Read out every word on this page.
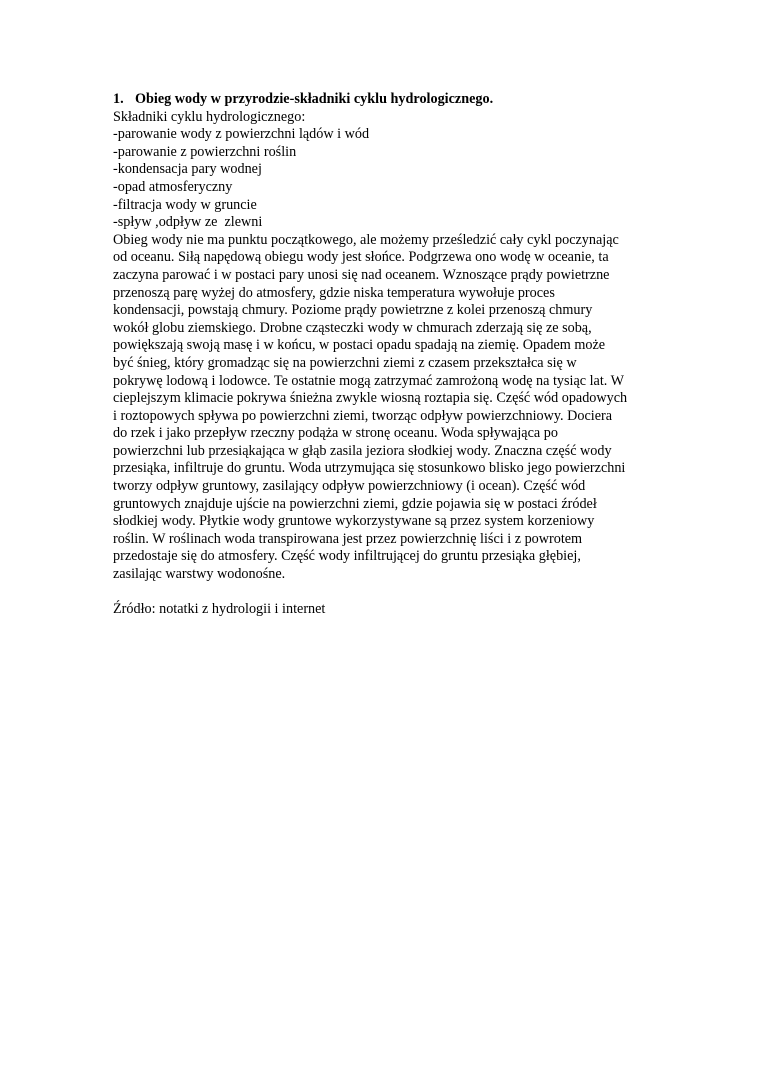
1. Obieg wody w przyrodzie-składniki cyklu hydrologicznego.

Składniki cyklu hydrologicznego:

-parowanie wody z powierzchni lądów i wód

-parowanie z powierzchni roślin

-kondensacja pary wodnej

-opad atmosferyczny

-filtracja wody w gruncie

-spływ ,odpływ ze  zlewni

Obieg wody nie ma punktu początkowego, ale możemy prześledzić cały cykl poczynając

od oceanu. Siłą napędową obiegu wody jest słońce. Podgrzewa ono wodę w oceanie, ta

zaczyna parować i w postaci pary unosi się nad oceanem. Wznoszące prądy powietrzne

przenoszą parę wyżej do atmosfery, gdzie niska temperatura wywołuje proces

kondensacji, powstają chmury. Poziome prądy powietrzne z kolei przenoszą chmury

wokół globu ziemskiego. Drobne cząsteczki wody w chmurach zderzają się ze sobą,

powiększają swoją masę i w końcu, w postaci opadu spadają na ziemię. Opadem może

być śnieg, który gromadząc się na powierzchni ziemi z czasem przekształca się w

pokrywę lodową i lodowce. Te ostatnie mogą zatrzymać zamrożoną wodę na tysiąc lat. W

cieplejszym klimacie pokrywa śnieżna zwykle wiosną roztapia się. Część wód opadowych

i roztopowych spływa po powierzchni ziemi, tworząc odpływ powierzchniowy. Dociera

do rzek i jako przepływ rzeczny podąża w stronę oceanu. Woda spływająca po

powierzchni lub przesiąkająca w głąb zasila jeziora słodkiej wody. Znaczna część wody

przesiąka, infiltruje do gruntu. Woda utrzymująca się stosunkowo blisko jego powierzchni

tworzy odpływ gruntowy, zasilający odpływ powierzchniowy (i ocean). Część wód

gruntowych znajduje ujście na powierzchni ziemi, gdzie pojawia się w postaci źródeł

słodkiej wody. Płytkie wody gruntowe wykorzystywane są przez system korzeniowy

roślin. W roślinach woda transpirowana jest przez powierzchnię liści i z powrotem

przedostaje się do atmosfery. Część wody infiltrującej do gruntu przesiąka głębiej,

zasilając warstwy wodonośne.

Źródło: notatki z hydrologii i internet
